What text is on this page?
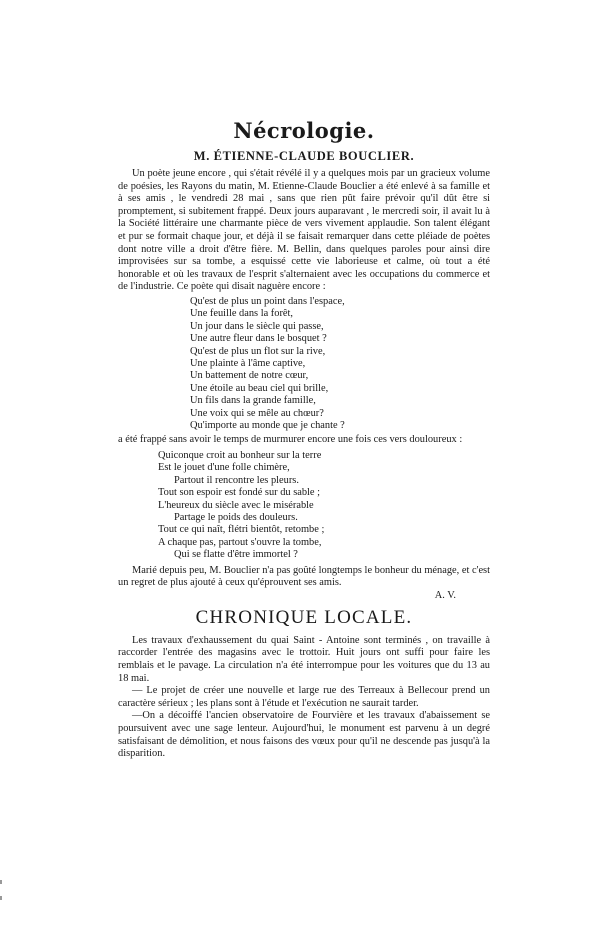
Nécrologie.
M. ÉTIENNE-CLAUDE BOUCLIER.

Un poète jeune encore , qui s'était révélé il y a quelques mois par un gracieux volume de poésies, les Rayons du matin, M. Etienne-Claude Bouclier a été enlevé à sa famille et à ses amis , le vendredi 28 mai , sans que rien pût faire prévoir qu'il dût être si promptement, si subitement frappé. Deux jours auparavant , le mercredi soir, il avait lu à la Société littéraire une charmante pièce de vers vivement applaudie. Son talent élégant et pur se formait chaque jour, et déjà il se faisait remarquer dans cette pléiade de poètes dont notre ville a droit d'être fière. M. Bellin, dans quelques paroles pour ainsi dire improvisées sur sa tombe, a esquissé cette vie laborieuse et calme, où tout a été honorable et où les travaux de l'esprit s'alternaient avec les occupations du commerce et de l'industrie. Ce poète qui disait naguère encore :

Qu'est de plus un point dans l'espace,
Une feuille dans la forêt,
Un jour dans le siècle qui passe,
Une autre fleur dans le bosquet ?
Qu'est de plus un flot sur la rive,
Une plainte à l'âme captive,
Un battement de notre cœur,
Une étoile au beau ciel qui brille,
Un fils dans la grande famille,
Une voix qui se mêle au chœur?
Qu'importe au monde que je chante ?

a été frappé sans avoir le temps de murmurer encore une fois ces vers douloureux :

Quiconque croit au bonheur sur la terre
Est le jouet d'une folle chimère,
Partout il rencontre les pleurs.
Tout son espoir est fondé sur du sable ;
L'heureux du siècle avec le misérable
Partage le poids des douleurs.
Tout ce qui naît, flétri bientôt, retombe ;
A chaque pas, partout s'ouvre la tombe,
Qui se flatte d'être immortel ?

Marié depuis peu, M. Bouclier n'a pas goûté longtemps le bonheur du ménage, et c'est un regret de plus ajouté à ceux qu'éprouvent ses amis.

A. V.
CHRONIQUE LOCALE.

Les travaux d'exhaussement du quai Saint - Antoine sont terminés , on travaille à raccorder l'entrée des magasins avec le trottoir. Huit jours ont suffi pour faire les remblais et le pavage. La circulation n'a été interrompue pour les voitures que du 13 au 18 mai.

— Le projet de créer une nouvelle et large rue des Terreaux à Bellecour prend un caractère sérieux ; les plans sont à l'étude et l'exécution ne saurait tarder.

—On a décoiffé l'ancien observatoire de Fourvière et les travaux d'abaissement se poursuivent avec une sage lenteur. Aujourd'hui, le monument est parvenu à un degré satisfaisant de démolition, et nous faisons des vœux pour qu'il ne descende pas jusqu'à la disparition.
